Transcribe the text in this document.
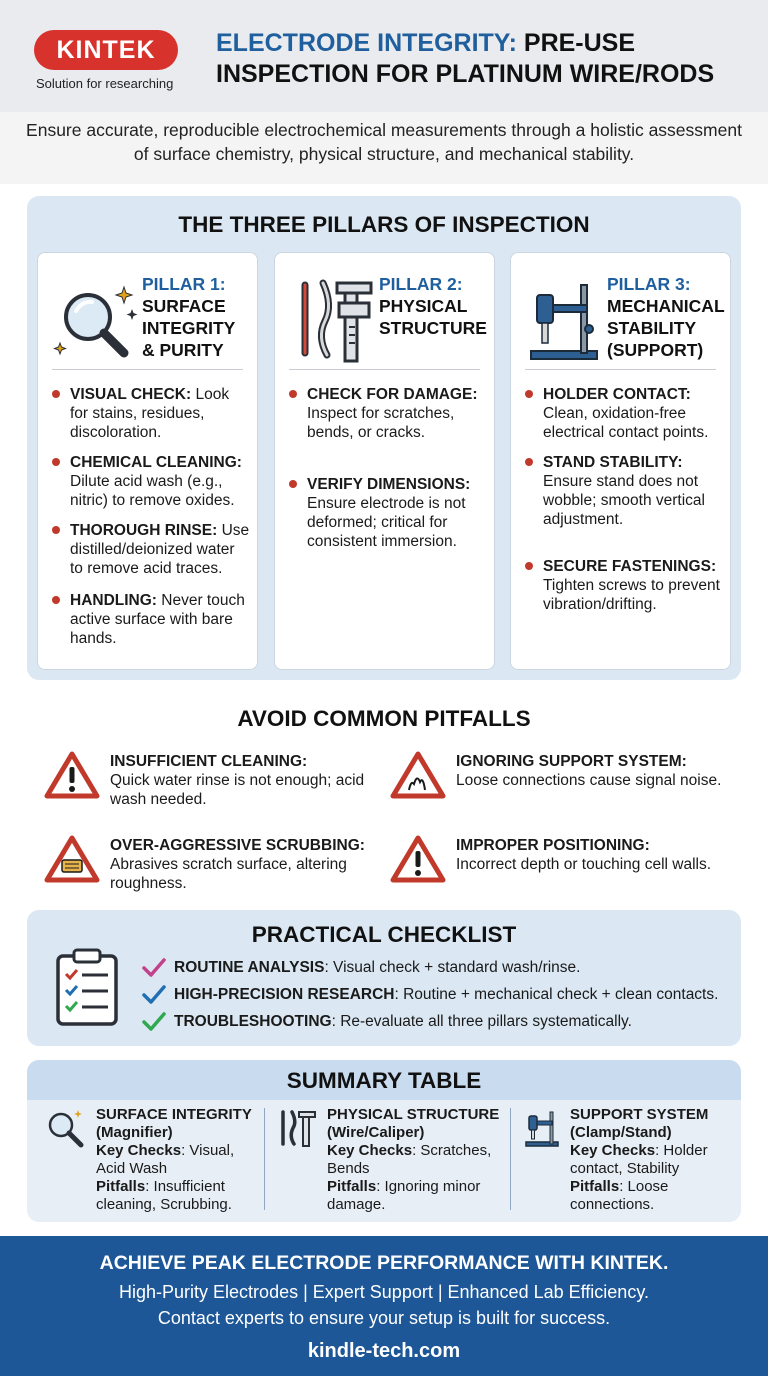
KINTEK
Solution for researching
ELECTRODE INTEGRITY: PRE-USE INSPECTION FOR PLATINUM WIRE/RODS
Ensure accurate, reproducible electrochemical measurements through a holistic assessment of surface chemistry, physical structure, and mechanical stability.
THE THREE PILLARS OF INSPECTION
PILLAR 1:
SURFACE
INTEGRITY
& PURITY
VISUAL CHECK: Look for stains, residues, discoloration.
CHEMICAL CLEANING: Dilute acid wash (e.g., nitric) to remove oxides.
THOROUGH RINSE: Use distilled/deionized water to remove acid traces.
HANDLING: Never touch active surface with bare hands.
PILLAR 2:
PHYSICAL
STRUCTURE
CHECK FOR DAMAGE: Inspect for scratches, bends, or cracks.
VERIFY DIMENSIONS: Ensure electrode is not deformed; critical for consistent immersion.
PILLAR 3:
MECHANICAL
STABILITY
(SUPPORT)
HOLDER CONTACT: Clean, oxidation-free electrical contact points.
STAND STABILITY: Ensure stand does not wobble; smooth vertical adjustment.
SECURE FASTENINGS: Tighten screws to prevent vibration/drifting.
AVOID COMMON PITFALLS
INSUFFICIENT CLEANING:
Quick water rinse is not enough; acid wash needed.
IGNORING SUPPORT SYSTEM:
Loose connections cause signal noise.
OVER-AGGRESSIVE SCRUBBING:
Abrasives scratch surface, altering roughness.
IMPROPER POSITIONING:
Incorrect depth or touching cell walls.
PRACTICAL CHECKLIST
ROUTINE ANALYSIS: Visual check + standard wash/rinse.
HIGH-PRECISION RESEARCH: Routine + mechanical check + clean contacts.
TROUBLESHOOTING: Re-evaluate all three pillars systematically.
SUMMARY TABLE
SURFACE INTEGRITY
(Magnifier)
Key Checks: Visual, Acid Wash
Pitfalls: Insufficient cleaning, Scrubbing.
PHYSICAL STRUCTURE
(Wire/Caliper)
Key Checks: Scratches, Bends
Pitfalls: Ignoring minor damage.
SUPPORT SYSTEM
(Clamp/Stand)
Key Checks: Holder contact, Stability
Pitfalls: Loose connections.
ACHIEVE PEAK ELECTRODE PERFORMANCE WITH KINTEK.
High-Purity Electrodes | Expert Support | Enhanced Lab Efficiency.
Contact experts to ensure your setup is built for success.
kindle-tech.com
